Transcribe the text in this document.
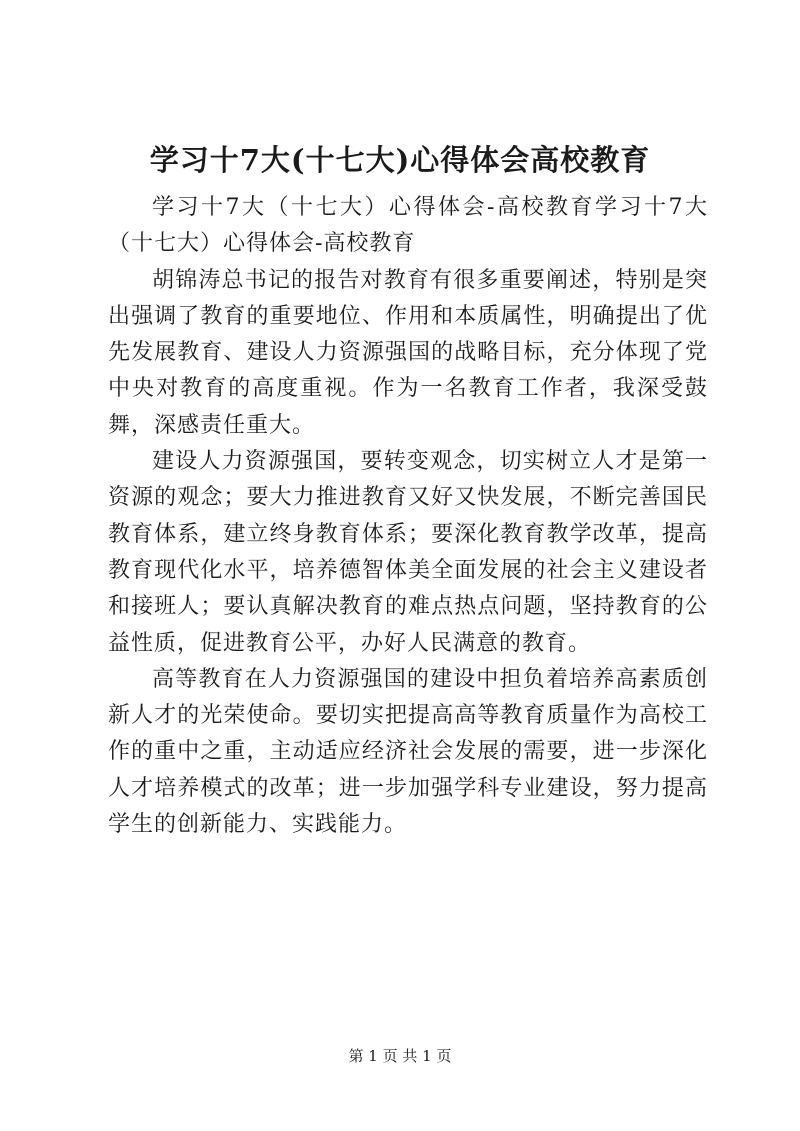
学习十7大(十七大)心得体会高校教育

学习十7大（十七大）心得体会-高校教育学习十7大（十七大）心得体会-高校教育

胡锦涛总书记的报告对教育有很多重要阐述，特别是突出强调了教育的重要地位、作用和本质属性，明确提出了优先发展教育、建设人力资源强国的战略目标，充分体现了党中央对教育的高度重视。作为一名教育工作者，我深受鼓舞，深感责任重大。

建设人力资源强国，要转变观念，切实树立人才是第一资源的观念；要大力推进教育又好又快发展，不断完善国民教育体系，建立终身教育体系；要深化教育教学改革，提高教育现代化水平，培养德智体美全面发展的社会主义建设者和接班人；要认真解决教育的难点热点问题，坚持教育的公益性质，促进教育公平，办好人民满意的教育。

高等教育在人力资源强国的建设中担负着培养高素质创新人才的光荣使命。要切实把提高高等教育质量作为高校工作的重中之重，主动适应经济社会发展的需要，进一步深化人才培养模式的改革；进一步加强学科专业建设，努力提高学生的创新能力、实践能力。

第 1 页 共 1 页
